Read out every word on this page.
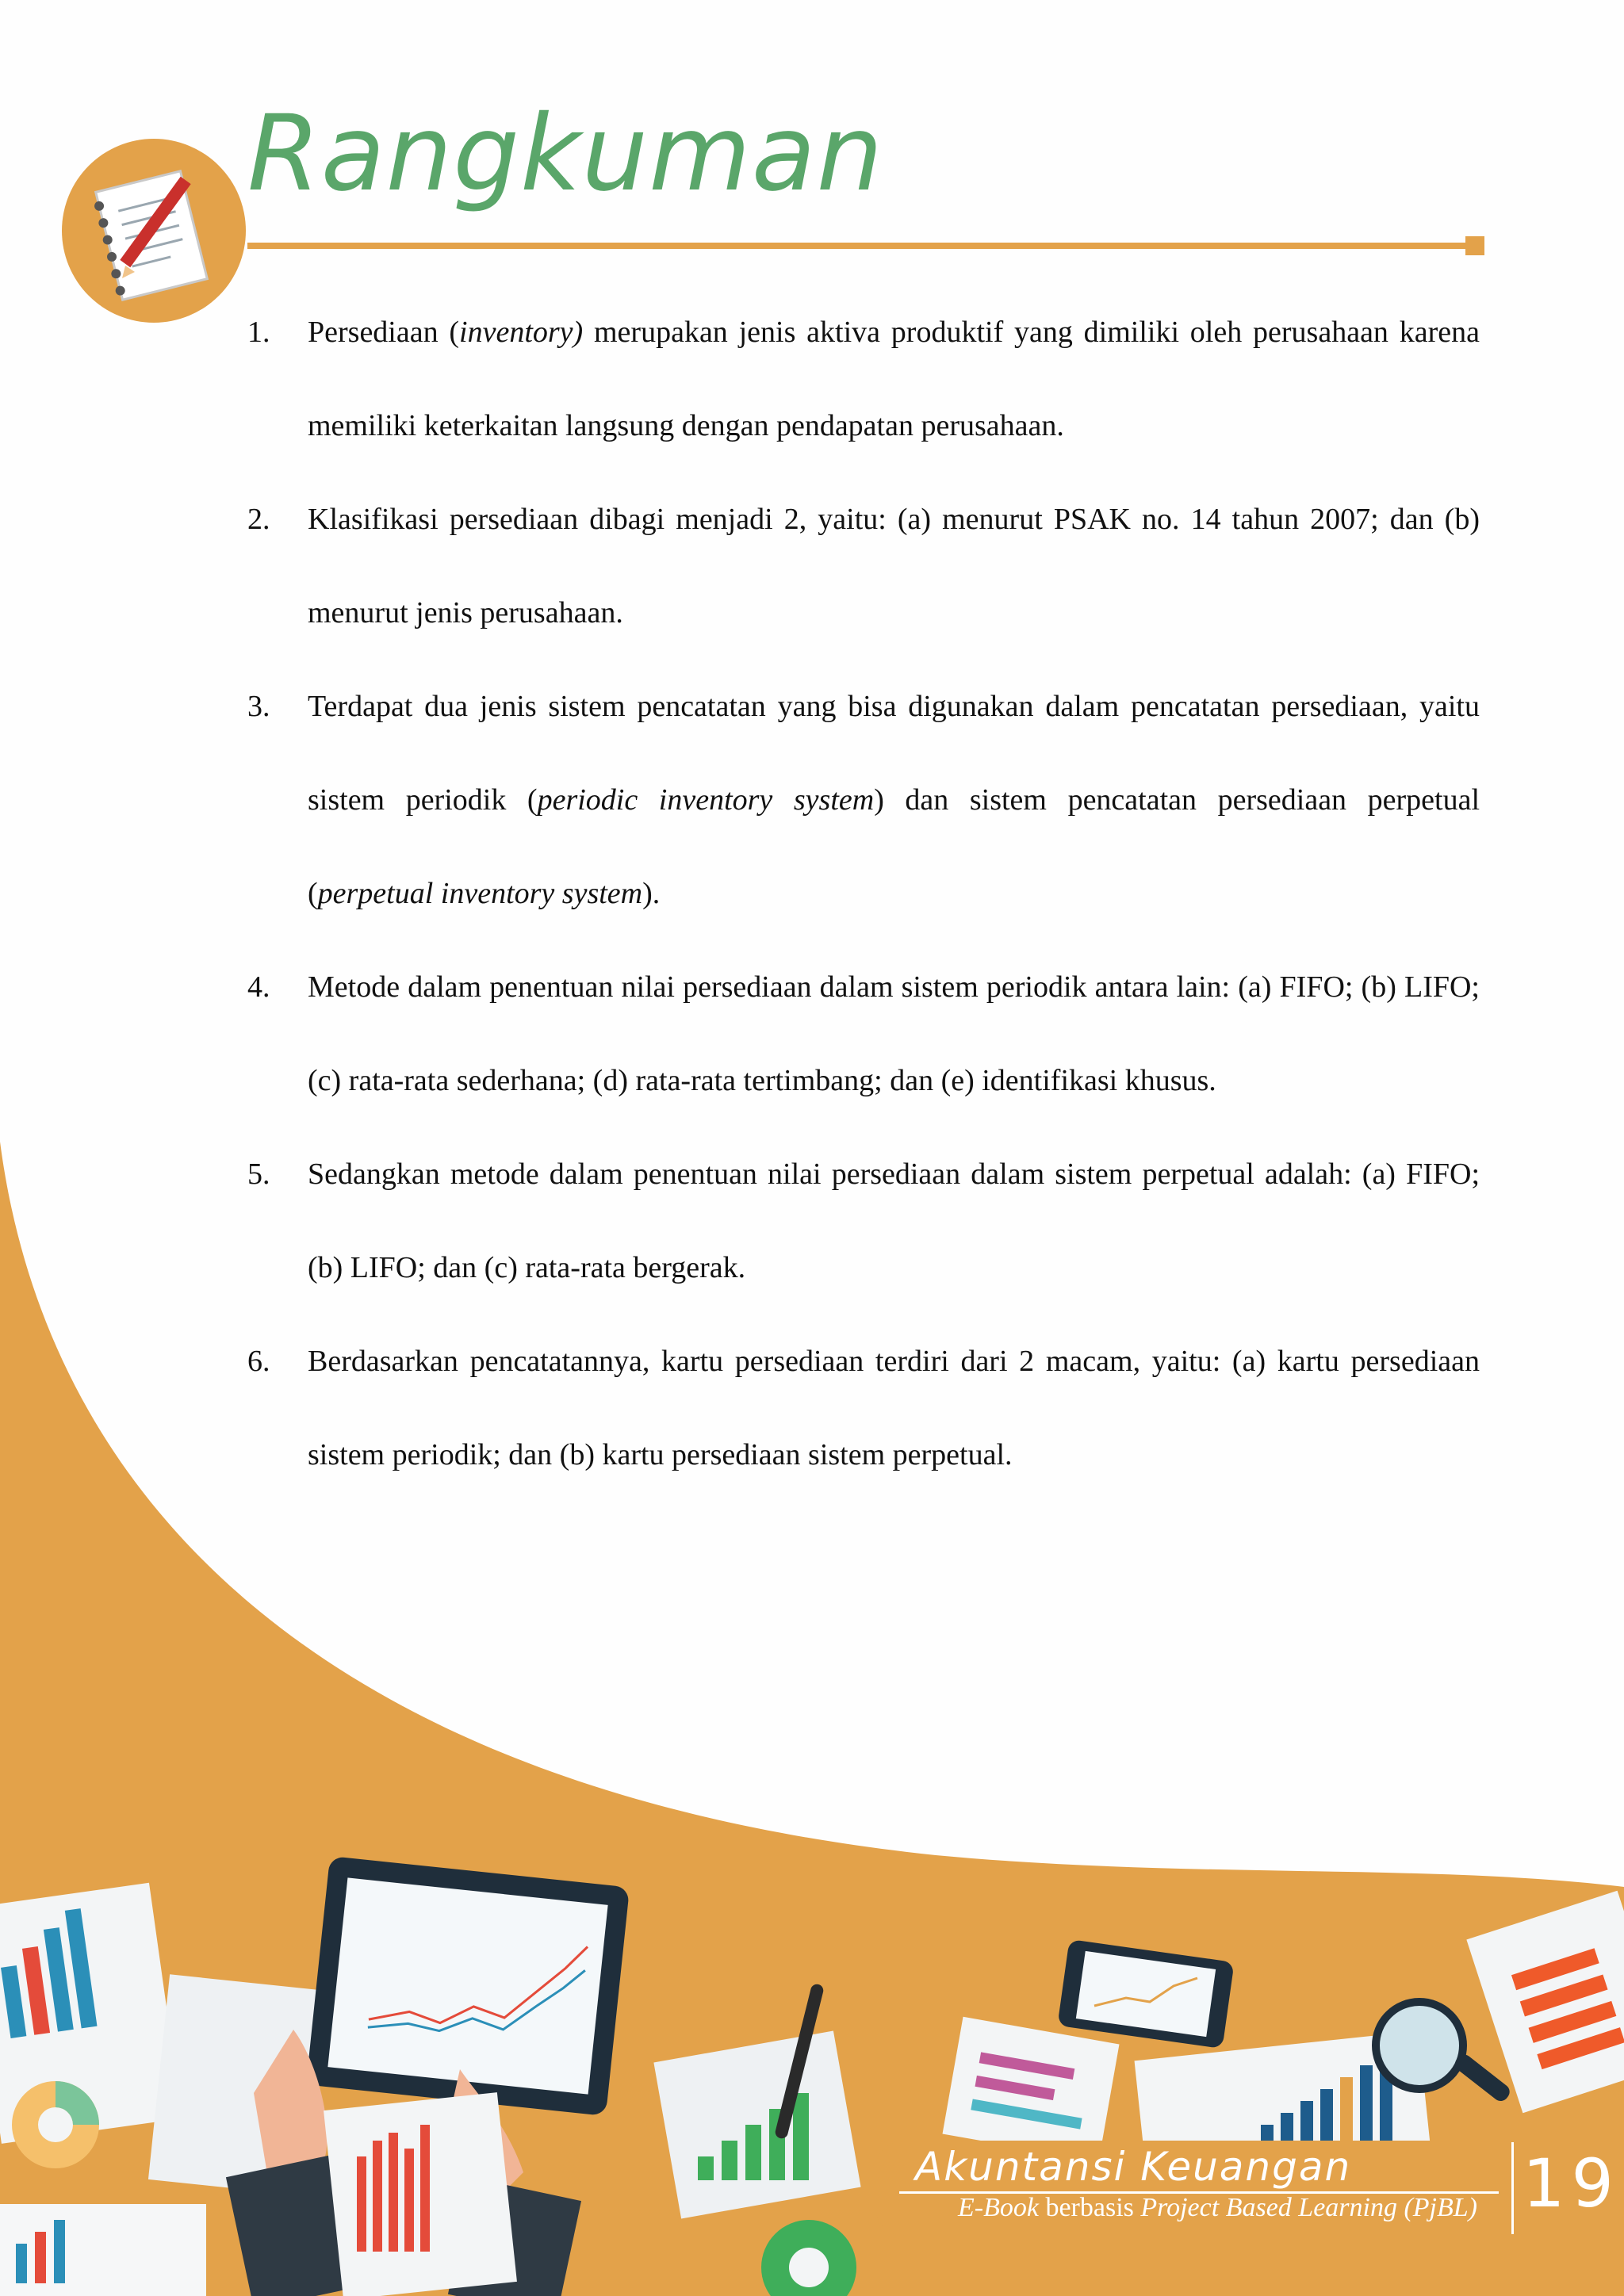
Rangkuman
1.	Persediaan (inventory) merupakan jenis aktiva produktif yang dimiliki oleh perusahaan karena memiliki keterkaitan langsung dengan pendapatan perusahaan.
2.	Klasifikasi persediaan dibagi menjadi 2, yaitu: (a) menurut PSAK no. 14 tahun 2007; dan (b) menurut jenis perusahaan.
3.	Terdapat dua jenis sistem pencatatan yang bisa digunakan dalam pencatatan persediaan, yaitu sistem periodik (periodic inventory system) dan sistem pencatatan persediaan perpetual (perpetual inventory system).
4.	Metode dalam penentuan nilai persediaan dalam sistem periodik antara lain: (a) FIFO; (b) LIFO; (c) rata-rata sederhana; (d) rata-rata tertimbang; dan (e) identifikasi khusus.
5.	Sedangkan metode dalam penentuan nilai persediaan dalam sistem perpetual adalah: (a) FIFO; (b) LIFO; dan (c) rata-rata bergerak.
6.	Berdasarkan pencatatannya, kartu persediaan terdiri dari 2 macam, yaitu: (a) kartu persediaan sistem periodik; dan (b) kartu persediaan sistem perpetual.
Akuntansi Keuangan
E-Book berbasis Project Based Learning (PjBL) 19
